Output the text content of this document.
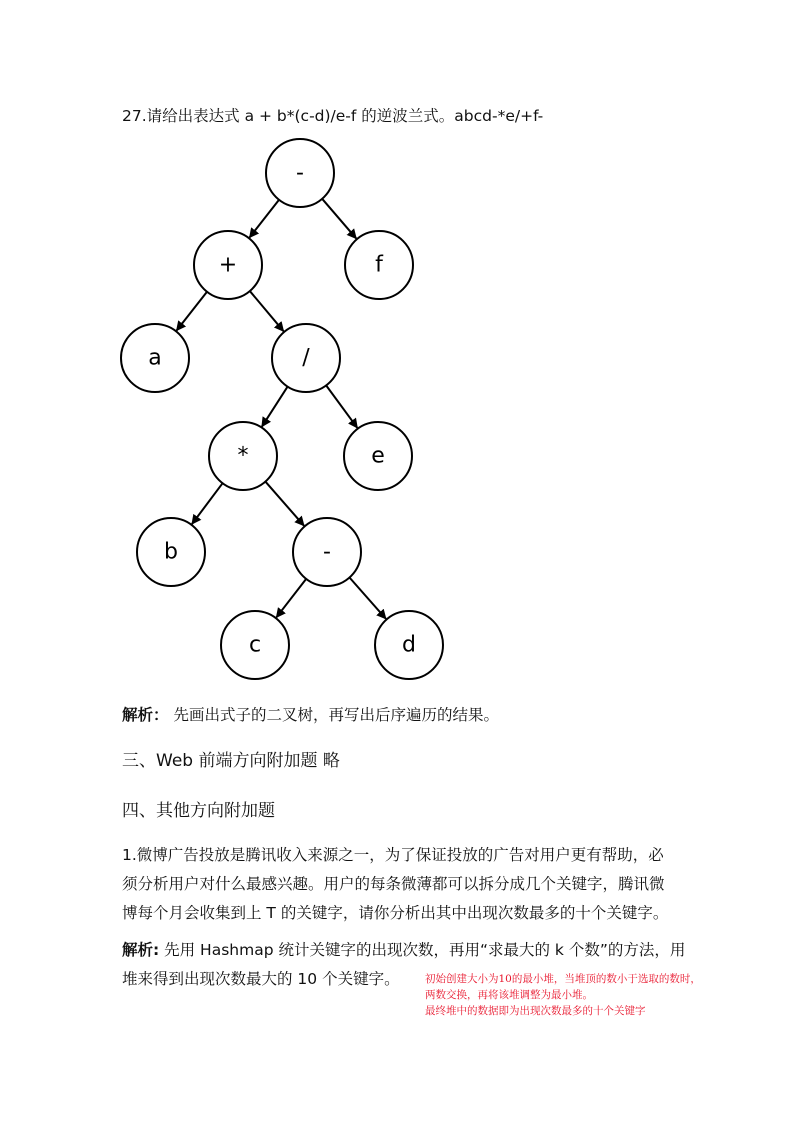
27.请给出表达式 a + b*(c-d)/e-f 的逆波兰式。abcd-*e/+f-
-
+	f
a	/
*	e
b	-
c	d
解析： 先画出式子的二叉树，再写出后序遍历的结果。
三、Web 前端方向附加题 略
四、其他方向附加题
1.微博广告投放是腾讯收入来源之一，为了保证投放的广告对用户更有帮助，必
须分析用户对什么最感兴趣。用户的每条微薄都可以拆分成几个关键字，腾讯微
博每个月会收集到上 T 的关键字，请你分析出其中出现次数最多的十个关键字。
解析: 先用 Hashmap 统计关键字的出现次数，再用“求最大的 k 个数”的方法，用
堆来得到出现次数最大的 10 个关键字。	初始创建大小为10的最小堆，当堆顶的数小于选取的数时，
两数交换，再将该堆调整为最小堆。
最终堆中的数据即为出现次数最多的十个关键字
